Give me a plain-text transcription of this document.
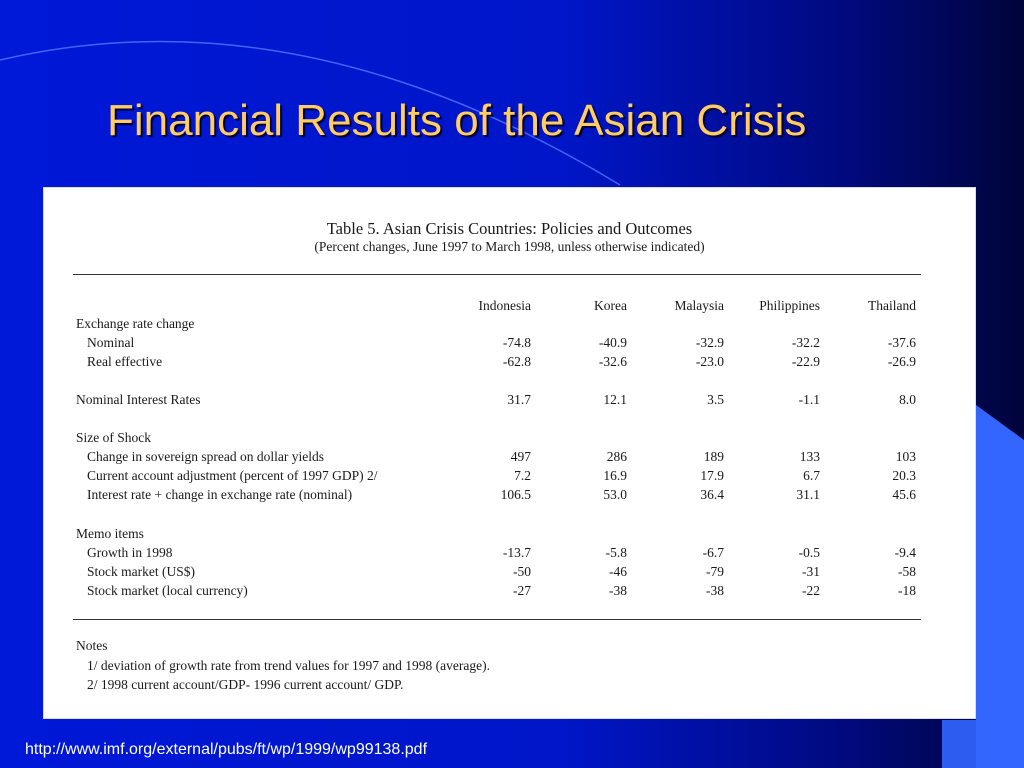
Financial Results of the Asian Crisis
Table 5. Asian Crisis Countries: Policies and Outcomes
(Percent changes, June 1997 to March 1998, unless otherwise indicated)
Indonesia	Korea	Malaysia	Philippines	Thailand
Exchange rate change
Nominal	-74.8	-40.9	-32.9	-32.2	-37.6
Real effective	-62.8	-32.6	-23.0	-22.9	-26.9
Nominal Interest Rates	31.7	12.1	3.5	-1.1	8.0
Size of Shock
Change in sovereign spread on dollar yields	497	286	189	133	103
Current account adjustment (percent of 1997 GDP) 2/	7.2	16.9	17.9	6.7	20.3
Interest rate + change in exchange rate (nominal)	106.5	53.0	36.4	31.1	45.6
Memo items
Growth in 1998	-13.7	-5.8	-6.7	-0.5	-9.4
Stock market (US$)	-50	-46	-79	-31	-58
Stock market (local currency)	-27	-38	-38	-22	-18
Notes
1/ deviation of growth rate from trend values for 1997 and 1998 (average).
2/ 1998 current account/GDP- 1996 current account/ GDP.
http://www.imf.org/external/pubs/ft/wp/1999/wp99138.pdf
